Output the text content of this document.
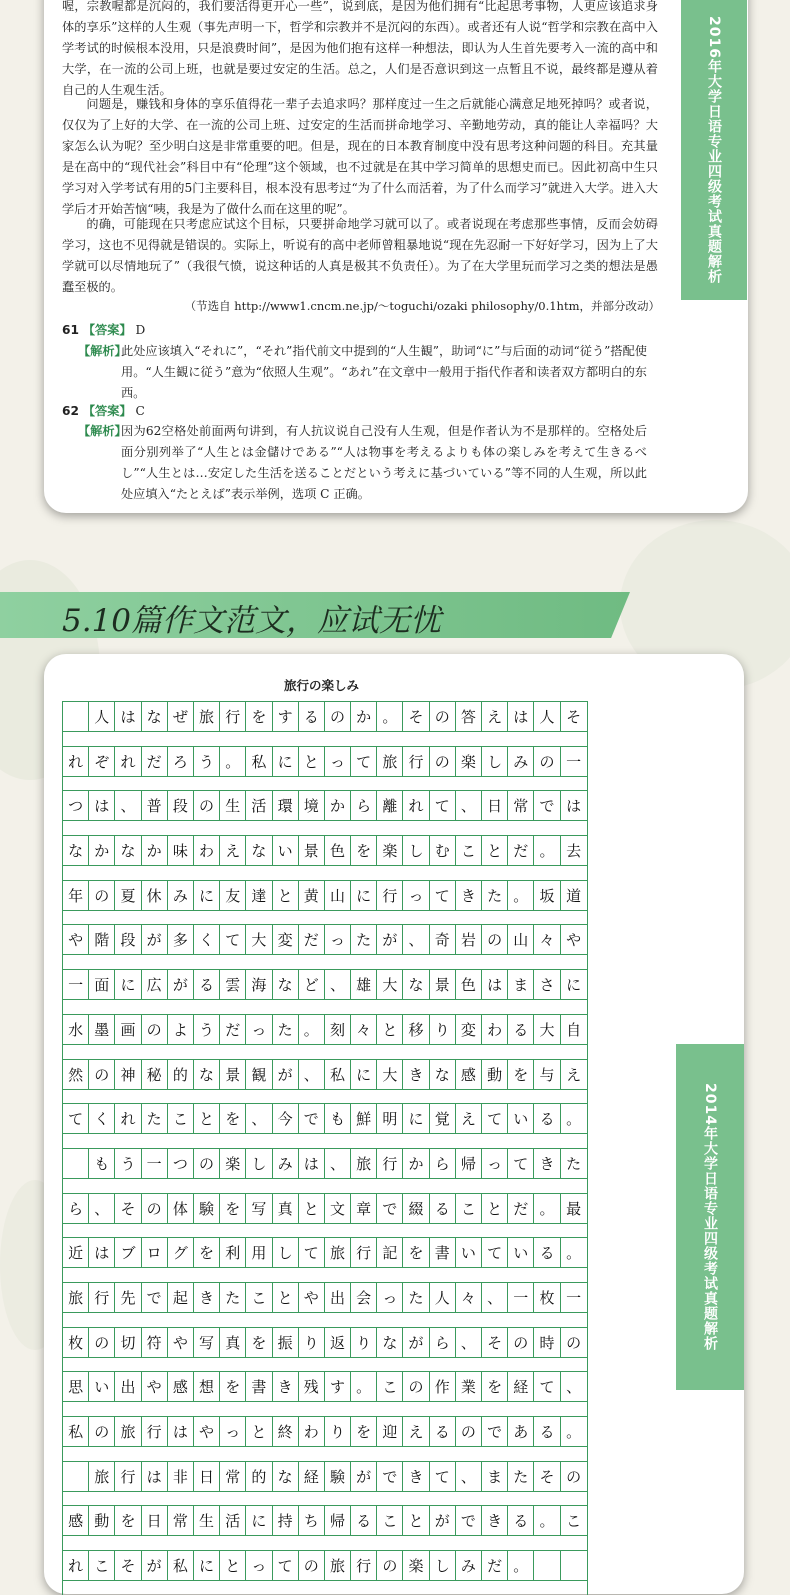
2016年大学日语专业四级考试真题解析

喔，宗教喔都是沉闷的，我们要活得更开心一些”，说到底，是因为他们拥有“比起思考事物，人更应该追求身体的享乐”这样的人生观（事先声明一下，哲学和宗教并不是沉闷的东西）。或者还有人说“哲学和宗教在高中入学考试的时候根本没用，只是浪费时间”，是因为他们抱有这样一种想法，即认为人生首先要考入一流的高中和大学，在一流的公司上班，也就是要过安定的生活。总之，人们是否意识到这一点暂且不说，最终都是遵从着自己的人生观生活。

问题是，赚钱和身体的享乐值得花一辈子去追求吗？那样度过一生之后就能心满意足地死掉吗？或者说，仅仅为了上好的大学、在一流的公司上班、过安定的生活而拼命地学习、辛勤地劳动，真的能让人幸福吗？大家怎么认为呢？至少明白这是非常重要的吧。但是，现在的日本教育制度中没有思考这种问题的科目。充其量是在高中的“现代社会”科目中有“伦理”这个领域，也不过就是在其中学习简单的思想史而已。因此初高中生只学习对入学考试有用的5门主要科目，根本没有思考过“为了什么而活着，为了什么而学习”就进入大学。进入大学后才开始苦恼“咦，我是为了做什么而在这里的呢”。

的确，可能现在只考虑应试这个目标，只要拼命地学习就可以了。或者说现在考虑那些事情，反而会妨碍学习，这也不见得就是错误的。实际上，听说有的高中老师曾粗暴地说“现在先忍耐一下好好学习，因为上了大学就可以尽情地玩了”（我很气愤，说这种话的人真是极其不负责任）。为了在大学里玩而学习之类的想法是愚蠢至极的。

（节选自 http://www1.cncm.ne.jp/～toguchi/ozaki philosophy/0.1htm，并部分改动）
61 【答案】 D
【解析】

此处应该填入“それに”，“それ”指代前文中提到的“人生観”，助词“に”与后面的动词“従う”搭配使用。“人生観に従う”意为“依照人生观”。“あれ”在文章中一般用于指代作者和读者双方都明白的东西。

62 【答案】 C
【解析】

因为62空格处前面两句讲到，有人抗议说自己没有人生观，但是作者认为不是那样的。空格处后面分别列举了“人生とは金儲けである”“人は物事を考えるよりも体の楽しみを考えて生きるべし”“人生とは…安定した生活を送ることだという考えに基づいている”等不同的人生观，所以此处应填入“たとえば”表示举例，选项 C 正确。

5.10篇作文范文，应试无忧
2014年大学日语专业四级考试真题解析
旅行の楽しみ
人 は な ぜ 旅 行 を す る の か 。 そ の 答 え は 人 そ
れ ぞ れ だ ろ う 。 私 に と っ て 旅 行 の 楽 し み の 一
つ は 、 普 段 の 生 活 環 境 か ら 離 れ て 、 日 常 で は
な か な か 味 わ え な い 景 色 を 楽 し む こ と だ 。 去
年 の 夏 休 み に 友 達 と 黄 山 に 行 っ て き た 。 坂 道
や 階 段 が 多 く て 大 変 だ っ た が 、 奇 岩 の 山 々 や
一 面 に 広 が る 雲 海 な ど 、 雄 大 な 景 色 は ま さ に
水 墨 画 の よ う だ っ た 。 刻 々 と 移 り 変 わ る 大 自
然 の 神 秘 的 な 景 観 が 、 私 に 大 き な 感 動 を 与 え
て く れ た こ と を 、 今 で も 鮮 明 に 覚 え て い る 。
も う 一 つ の 楽 し み は 、 旅 行 か ら 帰 っ て き た
ら 、 そ の 体 験 を 写 真 と 文 章 で 綴 る こ と だ 。 最
近 は ブ ロ グ を 利 用 し て 旅 行 記 を 書 い て い る 。
旅 行 先 で 起 き た こ と や 出 会 っ た 人 々 、 一 枚 一
枚 の 切 符 や 写 真 を 振 り 返 り な が ら 、 そ の 時 の
思 い 出 や 感 想 を 書 き 残 す 。 こ の 作 業 を 経 て 、
私 の 旅 行 は や っ と 終 わ り を 迎 え る の で あ る 。
旅 行 は 非 日 常 的 な 経 験 が で き て 、 ま た そ の
感 動 を 日 常 生 活 に 持 ち 帰 る こ と が で き る 。 こ
れ こ そ が 私 に と っ て の 旅 行 の 楽 し み だ 。
